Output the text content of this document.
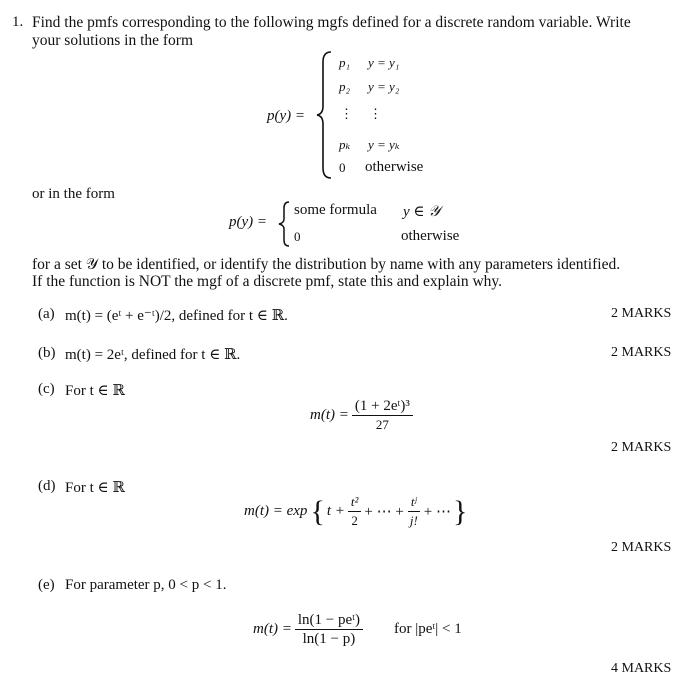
1. Find the pmfs corresponding to the following mgfs defined for a discrete random variable. Write
your solutions in the form
p(y) =
p₁ y = y₁
p₂ y = y₂
⋮ ⋮
pₖ y = yₖ
0 otherwise
or in the form
p(y) =
some formula y ∈ 𝒴
0	otherwise
for a set 𝒴 to be identified, or identify the distribution by name with any parameters identified.
If the function is NOT the mgf of a discrete pmf, state this and explain why.
(a) m(t) = (eᵗ + e⁻ᵗ)/2, defined for t ∈ ℝ.	2 MARKS
(b) m(t) = 2eᵗ, defined for t ∈ ℝ.	2 MARKS
(c) For t ∈ ℝ
$m(t) = \frac{\text{(1 + 2eᵗ)³}}{27}$
2 MARKS
(d) For t ∈ ℝ
m(t) = exp { $t + \frac{\text{t²}}{2}$ + ⋯ + $\frac{\text{tʲ}}{j!}$ + ⋯ }
2 MARKS
(e) For parameter p, 0 < p < 1.
$m(t) = \frac{\text{ln(1 − peᵗ)}}{\ln(1 - p)}$ for |peᵗ| < 1
4 MARKS
